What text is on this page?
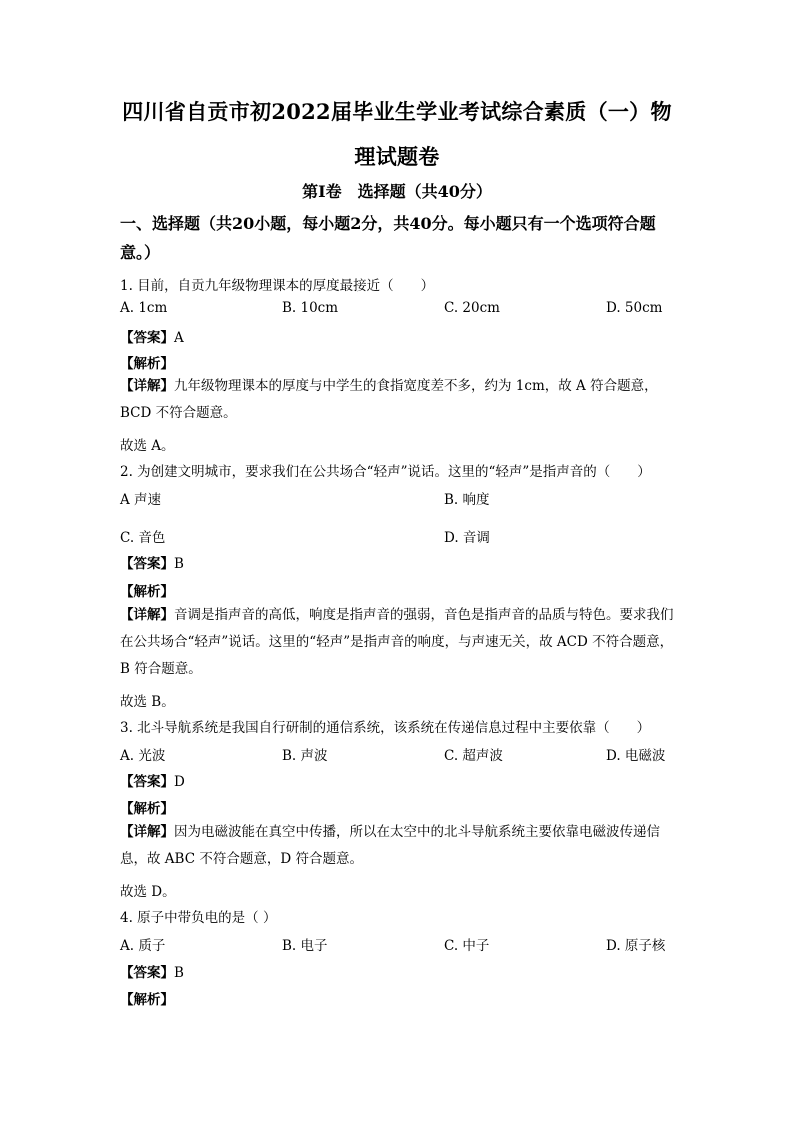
四川省自贡市初2022届毕业生学业考试综合素质（一）物
理试题卷
第Ⅰ卷　选择题（共40分）
一、选择题（共20小题，每小题2分，共40分。每小题只有一个选项符合题意。）
1. 目前，自贡九年级物理课本的厚度最接近（　　）
A. 1cm	B. 10cm	C. 20cm	D. 50cm
【答案】A
【解析】
【详解】九年级物理课本的厚度与中学生的食指宽度差不多，约为 1cm，故 A 符合题意，BCD 不符合题意。
故选 A。
2. 为创建文明城市，要求我们在公共场合“轻声”说话。这里的“轻声”是指声音的（　　）
A 声速	B. 响度
C. 音色	D. 音调
【答案】B
【解析】
【详解】音调是指声音的高低，响度是指声音的强弱，音色是指声音的品质与特色。要求我们在公共场合“轻声”说话。这里的“轻声”是指声音的响度，与声速无关，故 ACD 不符合题意，B 符合题意。
故选 B。
3. 北斗导航系统是我国自行研制的通信系统，该系统在传递信息过程中主要依靠（　　）
A. 光波	B. 声波	C. 超声波	D. 电磁波
【答案】D
【解析】
【详解】因为电磁波能在真空中传播，所以在太空中的北斗导航系统主要依靠电磁波传递信息，故 ABC 不符合题意，D 符合题意。
故选 D。
4. 原子中带负电的是（ ）
A. 质子	B. 电子	C. 中子	D. 原子核
【答案】B
【解析】
